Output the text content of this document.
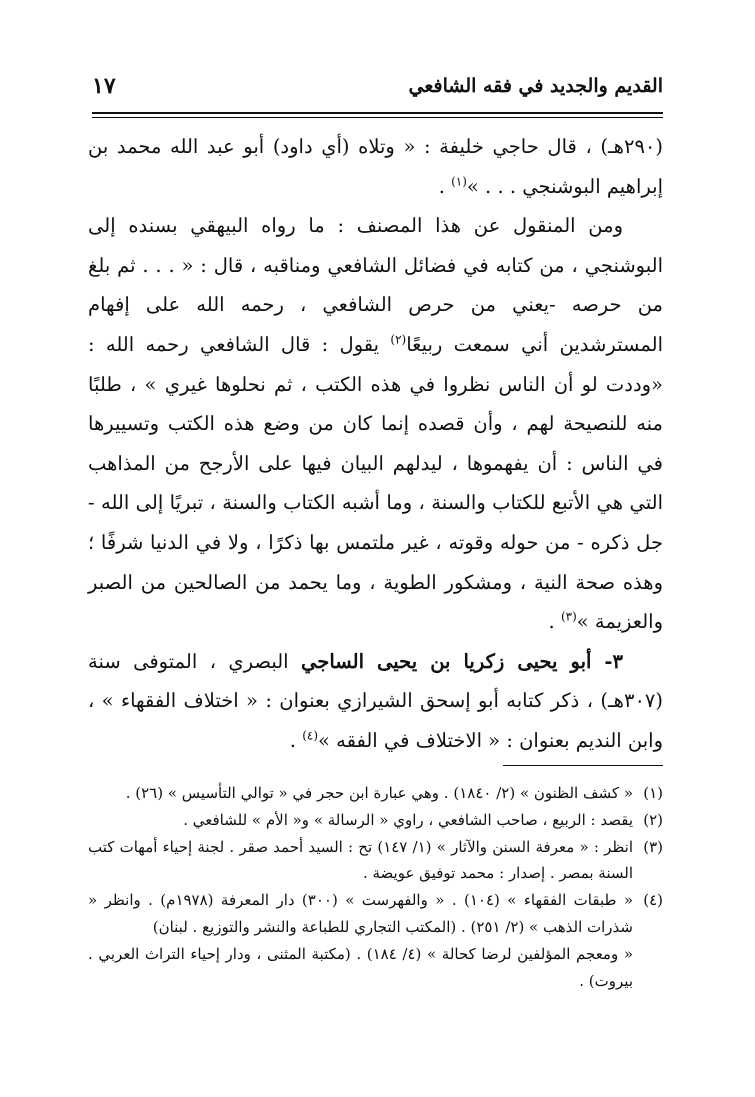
القديم والجديد في فقه الشافعي
١٧

(٢٩٠هـ) ، قال حاجي خليفة : « وتلاه (أي داود) أبو عبد الله محمد بن إبراهيم البوشنجي . . . »$^{(١)}$ .

ومن المنقول عن هذا المصنف : ما رواه البيهقي بسنده إلى البوشنجي ، من كتابه في فضائل الشافعي ومناقبه ، قال : « . . . ثم بلغ من حرصه -يعني من حرص الشافعي ، رحمه الله على إفهام المسترشدين أني سمعت ربيعًا$^{(٢)}$ يقول : قال الشافعي رحمه الله : «وددت لو أن الناس نظروا في هذه الكتب ، ثم نحلوها غيري » ، طلبًا منه للنصيحة لهم ، وأن قصده إنما كان من وضع هذه الكتب وتسييرها في الناس : أن يفهموها ، ليدلهم البيان فيها على الأرجح من المذاهب التي هي الأتبع للكتاب والسنة ، وما أشبه الكتاب والسنة ، تبريًا إلى الله - جل ذكره - من حوله وقوته ، غير ملتمس بها ذكرًا ، ولا في الدنيا شرفًا ؛ وهذه صحة النية ، ومشكور الطوية ، وما يحمد من الصالحين من الصبر والعزيمة »$^{(٣)}$ .

٣- أبو يحيى زكريا بن يحيى الساجي البصري ، المتوفى سنة (٣٠٧هـ) ، ذكر كتابه أبو إسحق الشيرازي بعنوان : « اختلاف الفقهاء » ، وابن النديم بعنوان : « الاختلاف في الفقه »$^{(٤)}$ .

(١)« كشف الظنون » (٢/ ١٨٤٠) . وهي عبارة ابن حجر في « توالي التأسيس » (٢٦) .

(٢)يقصد : الربيع ، صاحب الشافعي ، راوي « الرسالة » و« الأم » للشافعي .

(٣)انظر : « معرفة السنن والآثار » (١/ ١٤٧) تح : السيد أحمد صقر . لجنة إحياء أمهات كتب السنة بمصر . إصدار : محمد توفيق عويضة .

(٤)« طبقات الفقهاء » (١٠٤) . « والفهرست » (٣٠٠) دار المعرفة (١٩٧٨م) . وانظر « شذرات الذهب » (٢/ ٢٥١) . (المكتب التجاري للطباعة والنشر والتوزيع . لبنان)

« ومعجم المؤلفين لرضا كحالة » (٤/ ١٨٤) . (مكتبة المثنى ، ودار إحياء التراث العربي . بيروت) .
